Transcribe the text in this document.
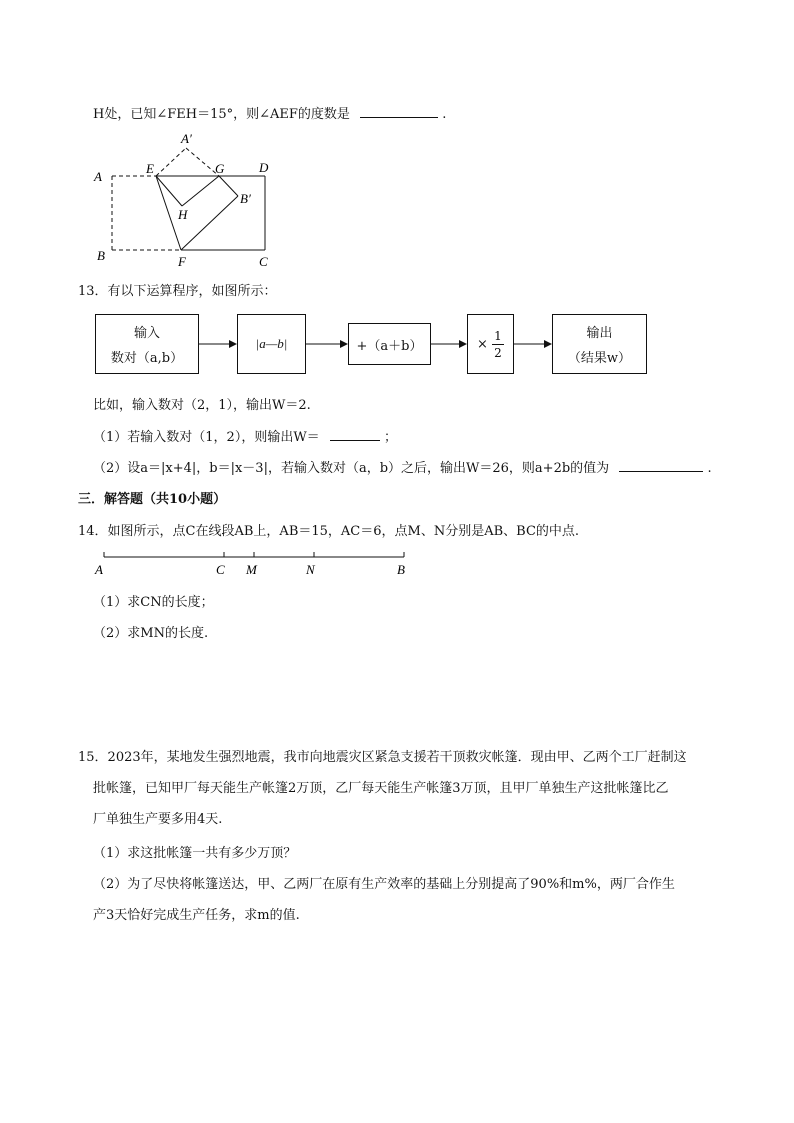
H处，已知∠FEH＝15°，则∠AEF的度数是	.
A′
A
E	G	D
B′
H
B	F	C
13．有以下运算程序，如图所示：
输入
数对（a,b）
|a—b|	+（a＋b）	×
1
2
输出
（结果w）
比如，输入数对（2，1），输出W＝2.
（1）若输入数对（1，2），则输出W＝	；
（2）设a＝|x+4|，b＝|x－3|，若输入数对（a，b）之后，输出W＝26，则a+2b的值为	.
三．解答题（共10小题）
14．如图所示，点C在线段AB上，AB＝15，AC＝6，点M、N分别是AB、BC的中点.
A	C M	N	B
（1）求CN的长度；
（2）求MN的长度.
15．2023年，某地发生强烈地震，我市向地震灾区紧急支援若干顶救灾帐篷．现由甲、乙两个工厂赶制这
批帐篷，已知甲厂每天能生产帐篷2万顶，乙厂每天能生产帐篷3万顶，且甲厂单独生产这批帐篷比乙
厂单独生产要多用4天.
（1）求这批帐篷一共有多少万顶？
（2）为了尽快将帐篷送达，甲、乙两厂在原有生产效率的基础上分别提高了90%和m%，两厂合作生
产3天恰好完成生产任务，求m的值.
